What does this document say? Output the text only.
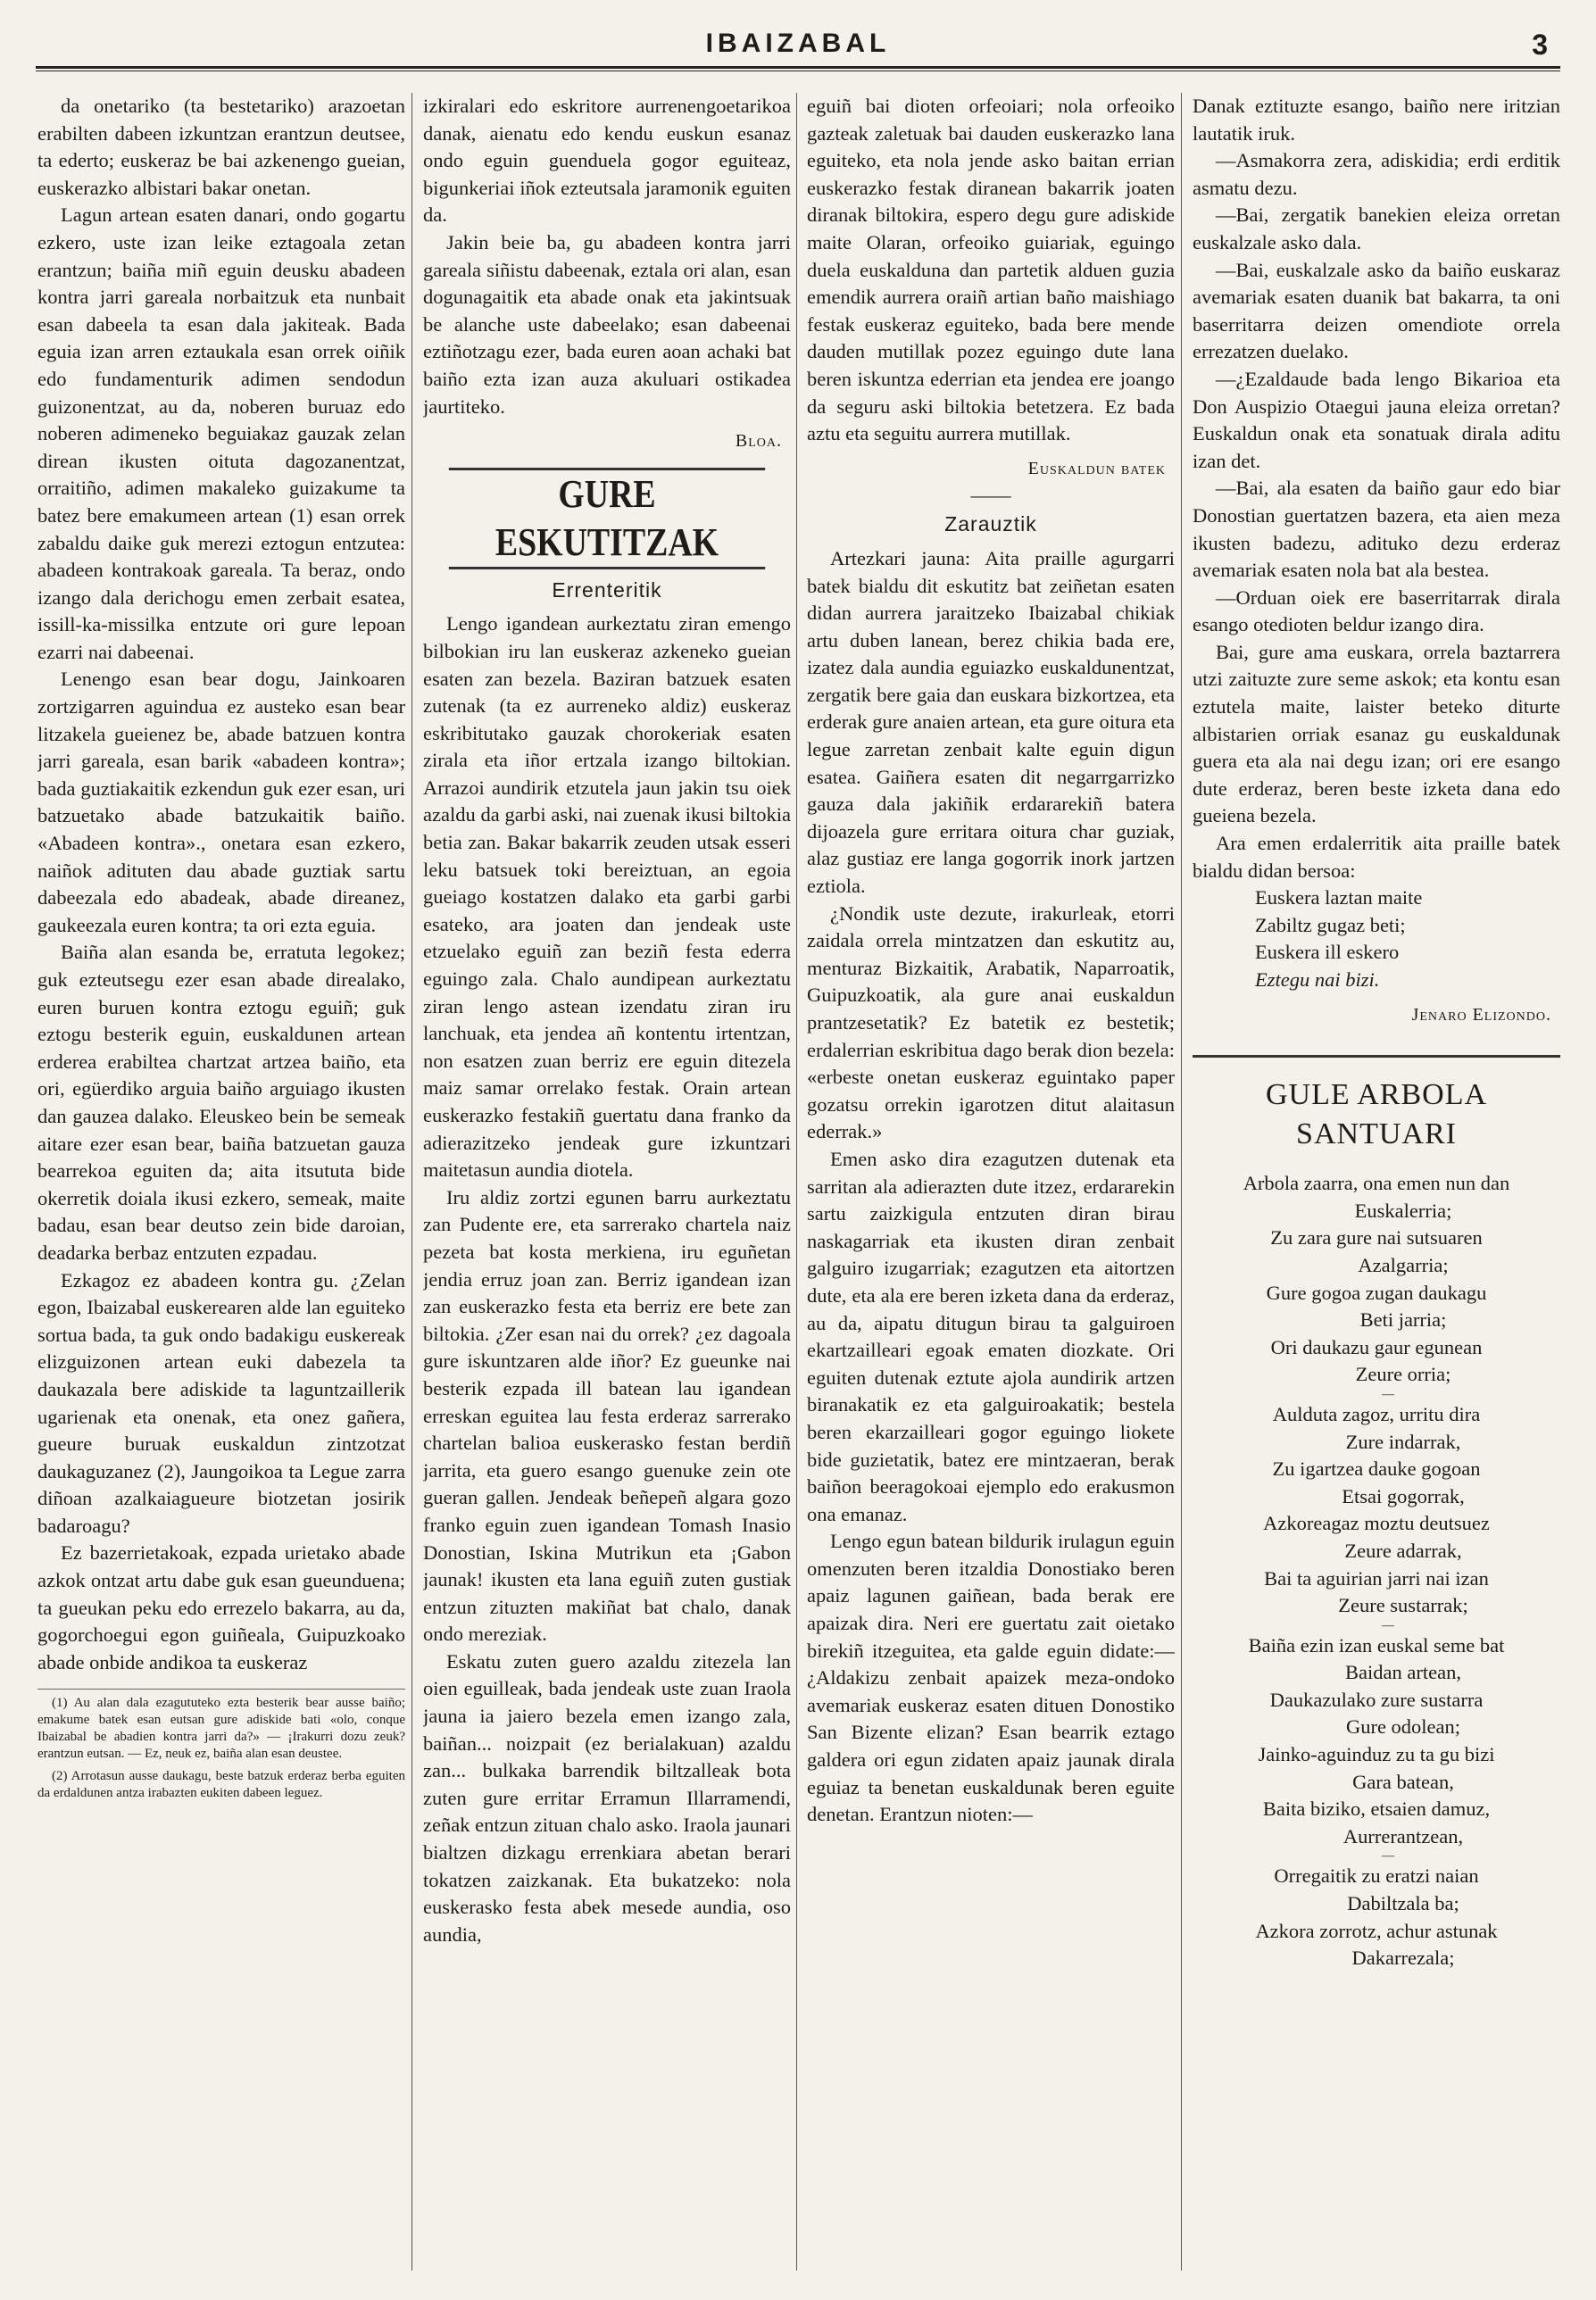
IBAIZABAL	3

da onetariko (ta bestetariko) arazoetan erabilten dabeen izkuntzan erantzun deutsee, ta ederto; euskeraz be bai azkenengo gueian, euskerazko albistari bakar onetan.

Lagun artean esaten danari, ondo gogartu ezkero, uste izan leike eztagoala zetan erantzun; baiña miñ eguin deusku abadeen kontra jarri gareala norbaitzuk eta nunbait esan dabeela ta esan dala jakiteak. Bada eguia izan arren eztaukala esan orrek oiñik edo fundamenturik adimen sendodun guizonentzat, au da, noberen buruaz edo noberen adimeneko beguiakaz gauzak zelan direan ikusten oituta dagozanentzat, orraitiño, adimen makaleko guizakume ta batez bere emakumeen artean (1) esan orrek zabaldu daike guk merezi eztogun entzutea: abadeen kontrakoak gareala. Ta beraz, ondo izango dala derichogu emen zerbait esatea, issill-ka-missilka entzute ori gure lepoan ezarri nai dabeenai.

Lenengo esan bear dogu, Jainkoaren zortzigarren aguindua ez austeko esan bear litzakela gueienez be, abade batzuen kontra jarri gareala, esan barik «abadeen kontra»; bada guztiakaitik ezkendun guk ezer esan, uri batzuetako abade batzukaitik baiño. «Abadeen kontra»., onetara esan ezkero, naiñok adituten dau abade guztiak sartu dabeezala edo abadeak, abade direanez, gaukeezala euren kontra; ta ori ezta eguia.

Baiña alan esanda be, erratuta legokez; guk ezteutsegu ezer esan abade direalako, euren buruen kontra eztogu eguiñ; guk eztogu besterik eguin, euskaldunen artean erderea erabiltea chartzat artzea baiño, eta ori, egüerdiko arguia baiño arguiago ikusten dan gauzea dalako. Eleuskeo bein be semeak aitare ezer esan bear, baiña batzuetan gauza bearrekoa eguiten da; aita itsututa bide okerretik doiala ikusi ezkero, semeak, maite badau, esan bear deutso zein bide daroian, deadarka berbaz entzuten ezpadau.

Ezkagoz ez abadeen kontra gu. ¿Zelan egon, Ibaizabal euskerearen alde lan eguiteko sortua bada, ta guk ondo badakigu euskereak elizguizonen artean euki dabezela ta daukazala bere adiskide ta laguntzaillerik ugarienak eta onenak, eta onez gañera, gueure buruak euskaldun zintzotzat daukaguzanez (2), Jaungoikoa ta Legue zarra diñoan azalkaiagueure biotzetan josirik badaroagu?

Ez bazerrietakoak, ezpada urietako abade azkok ontzat artu dabe guk esan gueunduena; ta gueukan peku edo errezelo bakarra, au da, gogorchoegui egon guiñeala, Guipuzkoako abade onbide andikoa ta euskeraz

(1) Au alan dala ezagututeko ezta besterik bear ausse baiño; emakume batek esan eutsan gure adiskide bati «olo, conque Ibaizabal be abadien kontra jarri da?» — ¡Irakurri dozu zeuk? erantzun eutsan. — Ez, neuk ez, baiña alan esan deustee.

(2) Arrotasun ausse daukagu, beste batzuk erderaz berba eguiten da erdaldunen antza irabazten eukiten dabeen leguez.

izkiralari edo eskritore aurrenengoetarikoa danak, aienatu edo kendu euskun esanaz ondo eguin guenduela gogor eguiteaz, bigunkeriai iñok ezteutsala jaramonik eguiten da.

Jakin beie ba, gu abadeen kontra jarri gareala siñistu dabeenak, eztala ori alan, esan dogunagaitik eta abade onak eta jakintsuak be alanche uste dabeelako; esan dabeenai eztiñotzagu ezer, bada euren aoan achaki bat baiño ezta izan auza akuluari ostikadea jaurtiteko.

Bloa.
GURE ESKUTITZAK
Errenteritik

Lengo igandean aurkeztatu ziran emengo bilbokian iru lan euskeraz azkeneko gueian esaten zan bezela. Baziran batzuek esaten zutenak (ta ez aurreneko aldiz) euskeraz eskribitutako gauzak chorokeriak esaten zirala eta iñor ertzala izango biltokian. Arrazoi aundirik etzutela jaun jakin tsu oiek azaldu da garbi aski, nai zuenak ikusi biltokia betia zan. Bakar bakarrik zeuden utsak esseri leku batsuek toki bereiztuan, an egoia gueiago kostatzen dalako eta garbi garbi esateko, ara joaten dan jendeak uste etzuelako eguiñ zan beziñ festa ederra eguingo zala. Chalo aundipean aurkeztatu ziran lengo astean izendatu ziran iru lanchuak, eta jendea añ kontentu irtentzan, non esatzen zuan berriz ere eguin ditezela maiz samar orrelako festak. Orain artean euskerazko festakiñ guertatu dana franko da adierazitzeko jendeak gure izkuntzari maitetasun aundia diotela.

Iru aldiz zortzi egunen barru aurkeztatu zan Pudente ere, eta sarrerako chartela naiz pezeta bat kosta merkiena, iru eguñetan jendia erruz joan zan. Berriz igandean izan zan euskerazko festa eta berriz ere bete zan biltokia. ¿Zer esan nai du orrek? ¿ez dagoala gure iskuntzaren alde iñor? Ez gueunke nai besterik ezpada ill batean lau igandean erreskan eguitea lau festa erderaz sarrerako chartelan balioa euskerasko festan berdiñ jarrita, eta guero esango guenuke zein ote gueran gallen. Jendeak beñepeñ algara gozo franko eguin zuen igandean Tomash Inasio Donostian, Iskina Mutrikun eta ¡Gabon jaunak! ikusten eta lana eguiñ zuten gustiak entzun zituzten makiñat bat chalo, danak ondo mereziak.

Eskatu zuten guero azaldu zitezela lan oien eguilleak, bada jendeak uste zuan Iraola jauna ia jaiero bezela emen izango zala, baiñan... noizpait (ez berialakuan) azaldu zan... bulkaka barrendik biltzalleak bota zuten gure erritar Erramun Illarramendi, zeñak entzun zituan chalo asko. Iraola jaunari bialtzen dizkagu errenkiara abetan berari tokatzen zaizkanak. Eta bukatzeko: nola euskerasko festa abek mesede aundia, oso aundia,

eguiñ bai dioten orfeoiari; nola orfeoiko gazteak zaletuak bai dauden euskerazko lana eguiteko, eta nola jende asko baitan errian euskerazko festak diranean bakarrik joaten diranak biltokira, espero degu gure adiskide maite Olaran, orfeoiko guiariak, eguingo duela euskalduna dan partetik alduen guzia emendik aurrera oraiñ artian baño maishiago festak euskeraz eguiteko, bada bere mende dauden mutillak pozez eguingo dute lana beren iskuntza ederrian eta jendea ere joango da seguru aski biltokia betetzera. Ez bada aztu eta seguitu aurrera mutillak.

Euskaldun batek
——
Zarauztik

Artezkari jauna: Aita praille agurgarri batek bialdu dit eskutitz bat zeiñetan esaten didan aurrera jaraitzeko Ibaizabal chikiak artu duben lanean, berez chikia bada ere, izatez dala aundia eguiazko euskaldunentzat, zergatik bere gaia dan euskara bizkortzea, eta erderak gure anaien artean, eta gure oitura eta legue zarretan zenbait kalte eguin digun esatea. Gaiñera esaten dit negarrgarrizko gauza dala jakiñik erdararekiñ batera dijoazela gure erritara oitura char guziak, alaz gustiaz ere langa gogorrik inork jartzen eztiola.

¿Nondik uste dezute, irakurleak, etorri zaidala orrela mintzatzen dan eskutitz au, menturaz Bizkaitik, Arabatik, Naparroatik, Guipuzkoatik, ala gure anai euskaldun prantzesetatik? Ez batetik ez bestetik; erdalerrian eskribitua dago berak dion bezela: «erbeste onetan euskeraz eguintako paper gozatsu orrekin igarotzen ditut alaitasun ederrak.»

Emen asko dira ezagutzen dutenak eta sarritan ala adierazten dute itzez, erdararekin sartu zaizkigula entzuten diran birau naskagarriak eta ikusten diran zenbait galguiro izugarriak; ezagutzen eta aitortzen dute, eta ala ere beren izketa dana da erderaz, au da, aipatu ditugun birau ta galguiroen ekartzailleari egoak ematen diozkate. Ori eguiten dutenak eztute ajola aundirik artzen biranakatik ez eta galguiroakatik; bestela beren ekarzailleari gogor eguingo liokete bide guzietatik, batez ere mintzaeran, berak baiñon beeragokoai ejemplo edo erakusmon ona emanaz.

Lengo egun batean bildurik irulagun eguin omenzuten beren itzaldia Donostiako beren apaiz lagunen gaiñean, bada berak ere apaizak dira. Neri ere guertatu zait oietako birekiñ itzeguitea, eta galde eguin didate:—¿Aldakizu zenbait apaizek meza-ondoko avemariak euskeraz esaten dituen Donostiko San Bizente elizan? Esan bearrik eztago galdera ori egun zidaten apaiz jaunak dirala eguiaz ta benetan euskaldunak beren eguite denetan. Erantzun nioten:—

Danak eztituzte esango, baiño nere iritzian lautatik iruk.

—Asmakorra zera, adiskidia; erdi erditik asmatu dezu.

—Bai, zergatik banekien eleiza orretan euskalzale asko dala.

—Bai, euskalzale asko da baiño euskaraz avemariak esaten duanik bat bakarra, ta oni baserritarra deizen omendiote orrela errezatzen duelako.

—¿Ezaldaude bada lengo Bikarioa eta Don Auspizio Otaegui jauna eleiza orretan? Euskaldun onak eta sonatuak dirala aditu izan det.

—Bai, ala esaten da baiño gaur edo biar Donostian guertatzen bazera, eta aien meza ikusten badezu, adituko dezu erderaz avemariak esaten nola bat ala bestea.

—Orduan oiek ere baserritarrak dirala esango otedioten beldur izango dira.

Bai, gure ama euskara, orrela baztarrera utzi zaituzte zure seme askok; eta kontu esan eztutela maite, laister beteko diturte albistarien orriak esanaz gu euskaldunak guera eta ala nai degu izan; ori ere esango dute erderaz, beren beste izketa dana edo gueiena bezela.

Ara emen erdalerritik aita praille batek bialdu didan bersoa:

Euskera laztan maite

Zabiltz gugaz beti;

Euskera ill eskero

Eztegu nai bizi.

Jenaro Elizondo.
GULE ARBOLA SANTUARI

Arbola zaarra, ona emen nun dan

Euskalerria;

Zu zara gure nai sutsuaren

Azalgarria;

Gure gogoa zugan daukagu

Beti jarria;

Ori daukazu gaur egunean

Zeure orria;

—

Aulduta zagoz, urritu dira

Zure indarrak,

Zu igartzea dauke gogoan

Etsai gogorrak,

Azkoreagaz moztu deutsuez

Zeure adarrak,

Bai ta aguirian jarri nai izan

Zeure sustarrak;

—

Baiña ezin izan euskal seme bat

Baidan artean,

Daukazulako zure sustarra

Gure odolean;

Jainko-aguinduz zu ta gu bizi

Gara batean,

Baita biziko, etsaien damuz,

Aurrerantzean,

—

Orregaitik zu eratzi naian

Dabiltzala ba;

Azkora zorrotz, achur astunak

Dakarrezala;
